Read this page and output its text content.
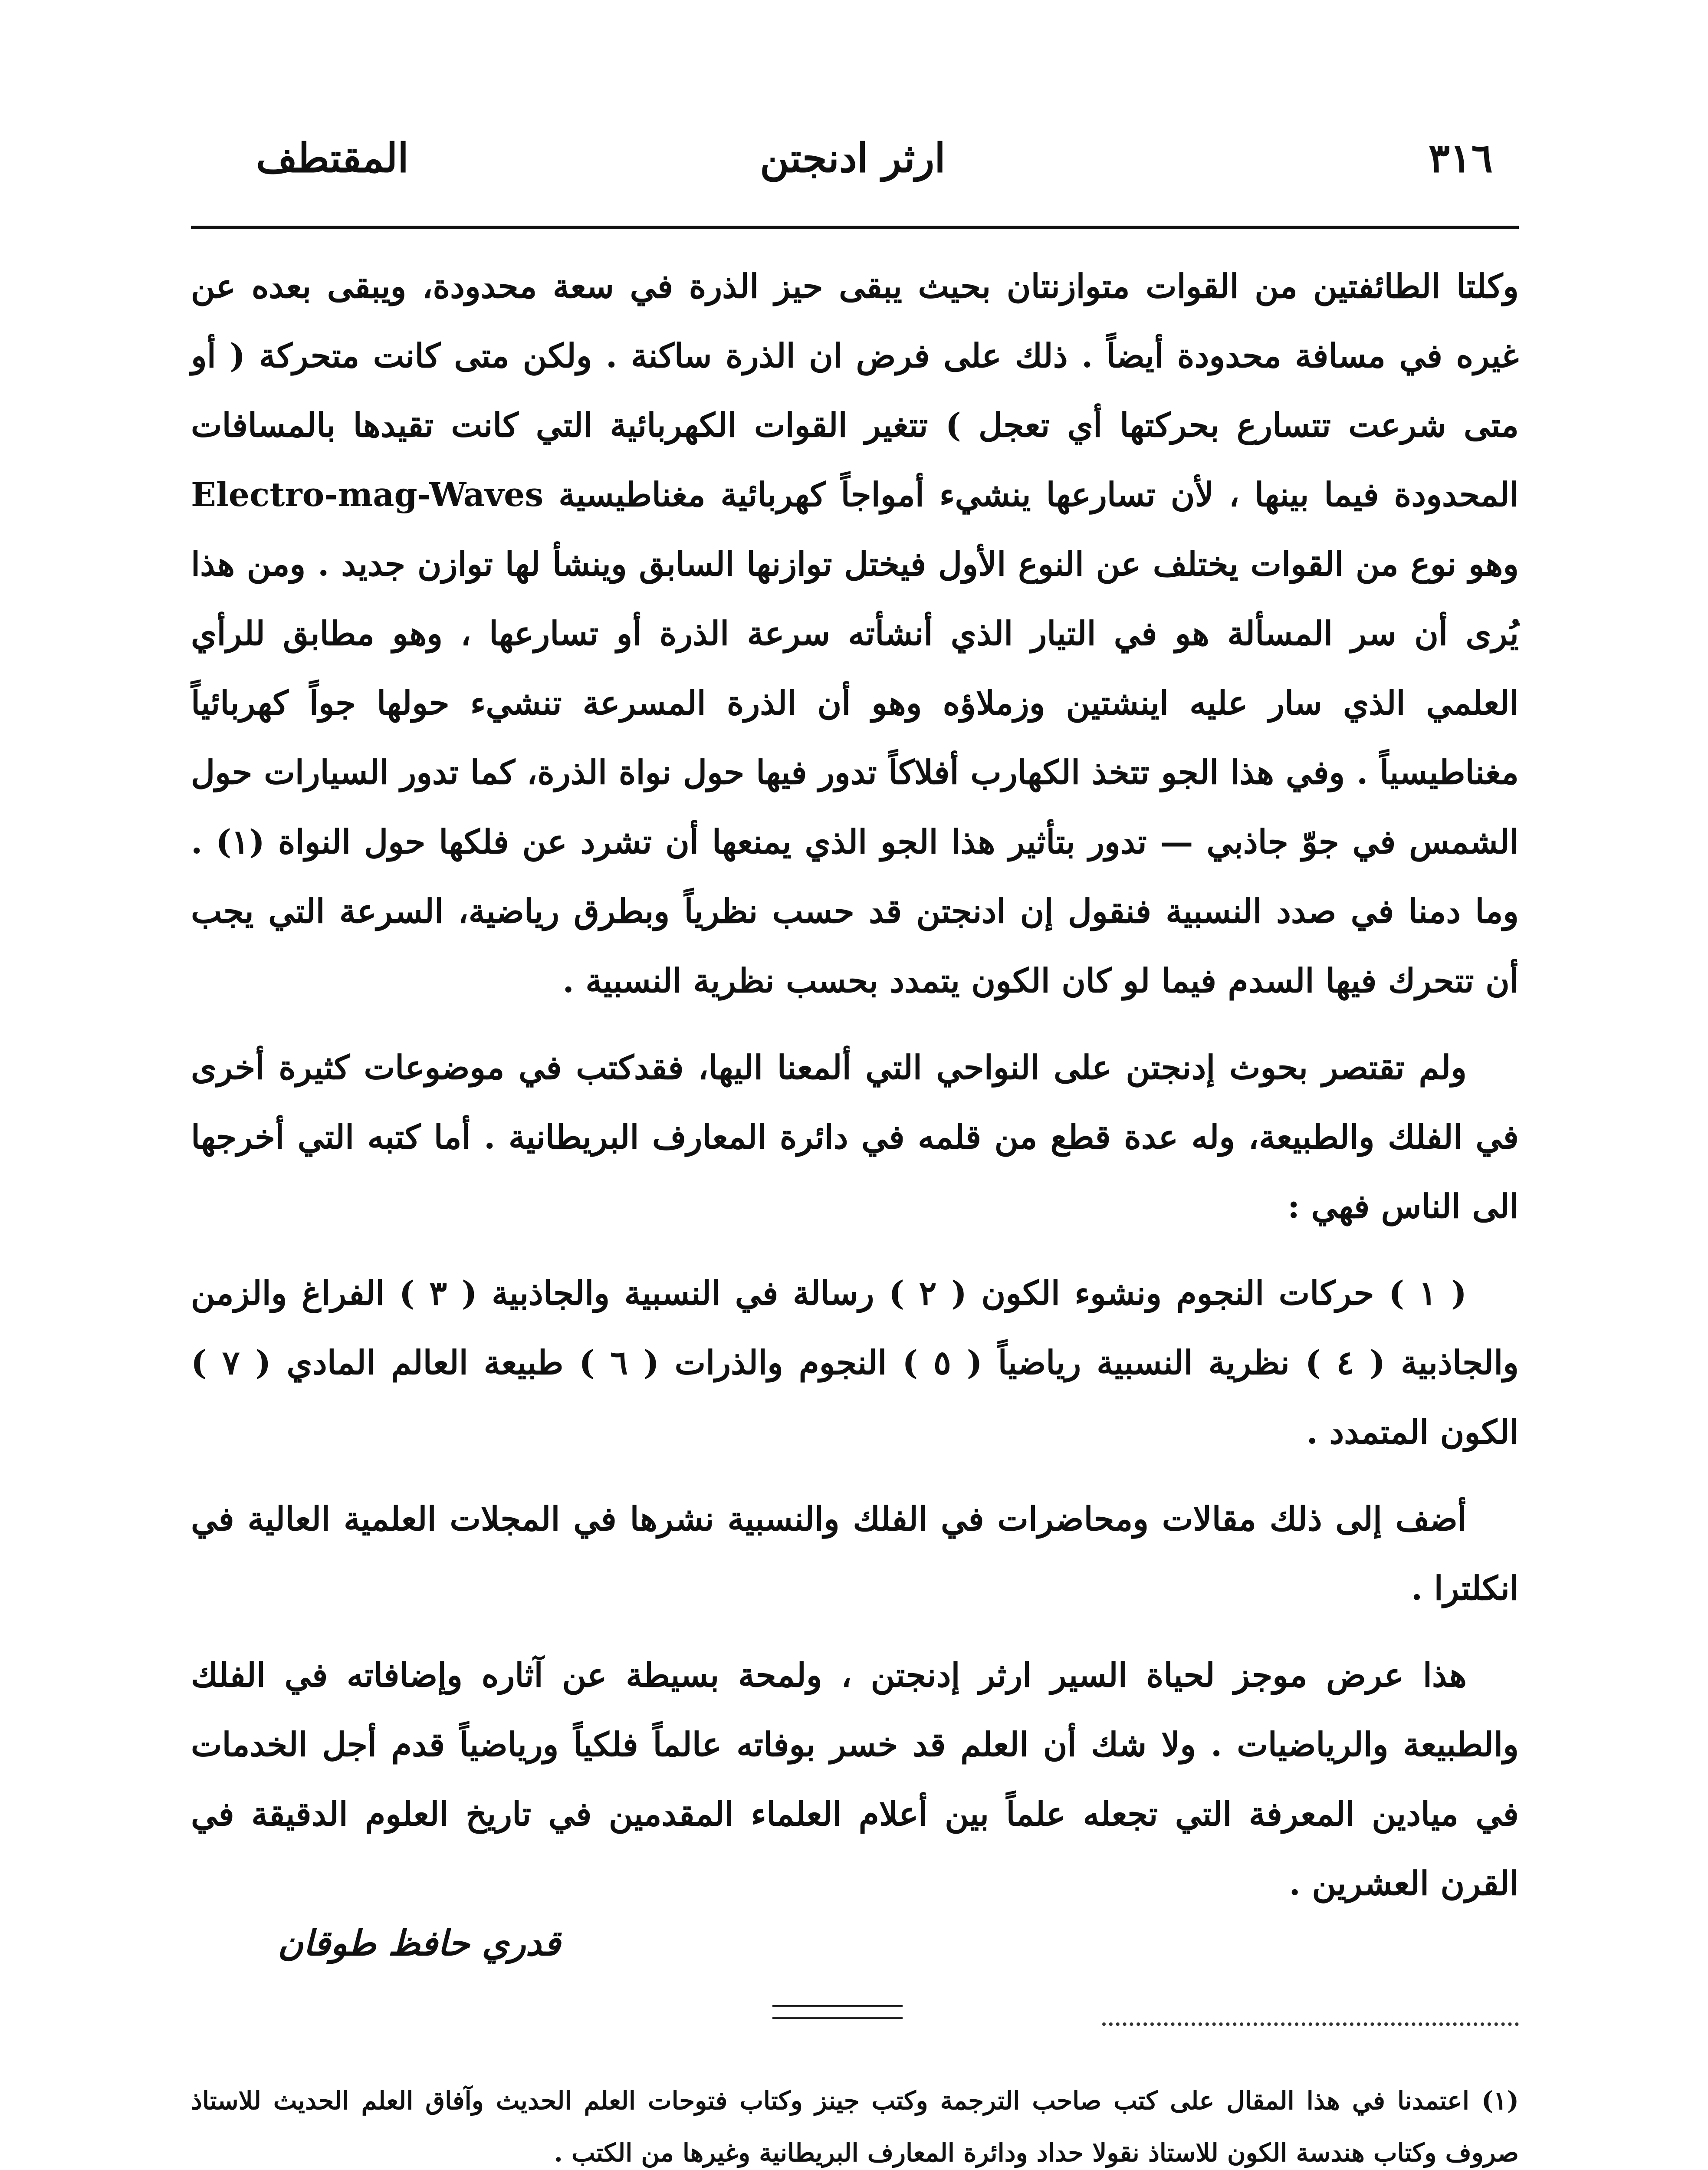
المقتطف	ارثر ادنجتن	٣١٦

وكلتا الطائفتين من القوات متوازنتان بحيث يبقى حيز الذرة في سعة محدودة، ويبقى بعده عن غيره في مسافة محدودة أيضاً . ذلك على فرض ان الذرة ساكنة . ولكن متى كانت متحركة ( أو متى شرعت تتسارع بحركتها أي تعجل ) تتغير القوات الكهربائية التي كانت تقيدها بالمسافات المحدودة فيما بينها ، لأن تسارعها ينشيء أمواجاً كهربائية مغناطيسية Electro-mag-Waves وهو نوع من القوات يختلف عن النوع الأول فيختل توازنها السابق وينشأ لها توازن جديد . ومن هذا يُرى أن سر المسألة هو في التيار الذي أنشأته سرعة الذرة أو تسارعها ، وهو مطابق للرأي العلمي الذي سار عليه اينشتين وزملاؤه وهو أن الذرة المسرعة تنشيء حولها جواً كهربائياً مغناطيسياً . وفي هذا الجو تتخذ الكهارب أفلاكاً تدور فيها حول نواة الذرة، كما تدور السيارات حول الشمس في جوّ جاذبي — تدور بتأثير هذا الجو الذي يمنعها أن تشرد عن فلكها حول النواة (١) . وما دمنا في صدد النسبية فنقول إن ادنجتن قد حسب نظرياً وبطرق رياضية، السرعة التي يجب أن تتحرك فيها السدم فيما لو كان الكون يتمدد بحسب نظرية النسبية .

ولم تقتصر بحوث إدنجتن على النواحي التي ألمعنا اليها، فقدكتب في موضوعات كثيرة أخرى في الفلك والطبيعة، وله عدة قطع من قلمه في دائرة المعارف البريطانية . أما كتبه التي أخرجها الى الناس فهي :

( ١ ) حركات النجوم ونشوء الكون ( ٢ ) رسالة في النسبية والجاذبية ( ٣ ) الفراغ والزمن والجاذبية ( ٤ ) نظرية النسبية رياضياً ( ٥ ) النجوم والذرات ( ٦ ) طبيعة العالم المادي ( ٧ ) الكون المتمدد .

أضف إلى ذلك مقالات ومحاضرات في الفلك والنسبية نشرها في المجلات العلمية العالية في انكلترا .

هذا عرض موجز لحياة السير ارثر إدنجتن ، ولمحة بسيطة عن آثاره وإضافاته في الفلك والطبيعة والرياضيات . ولا شك أن العلم قد خسر بوفاته عالماً فلكياً ورياضياً قدم أجل الخدمات في ميادين المعرفة التي تجعله علماً بين أعلام العلماء المقدمين في تاريخ العلوم الدقيقة في القرن العشرين .

قدري حافظ طوقان
(١) اعتمدنا في هذا المقال على كتب صاحب الترجمة وكتب جينز وكتاب فتوحات العلم الحديث وآفاق العلم الحديث للاستاذ صروف وكتاب هندسة الكون للاستاذ نقولا حداد ودائرة المعارف البريطانية وغيرها من الكتب .
